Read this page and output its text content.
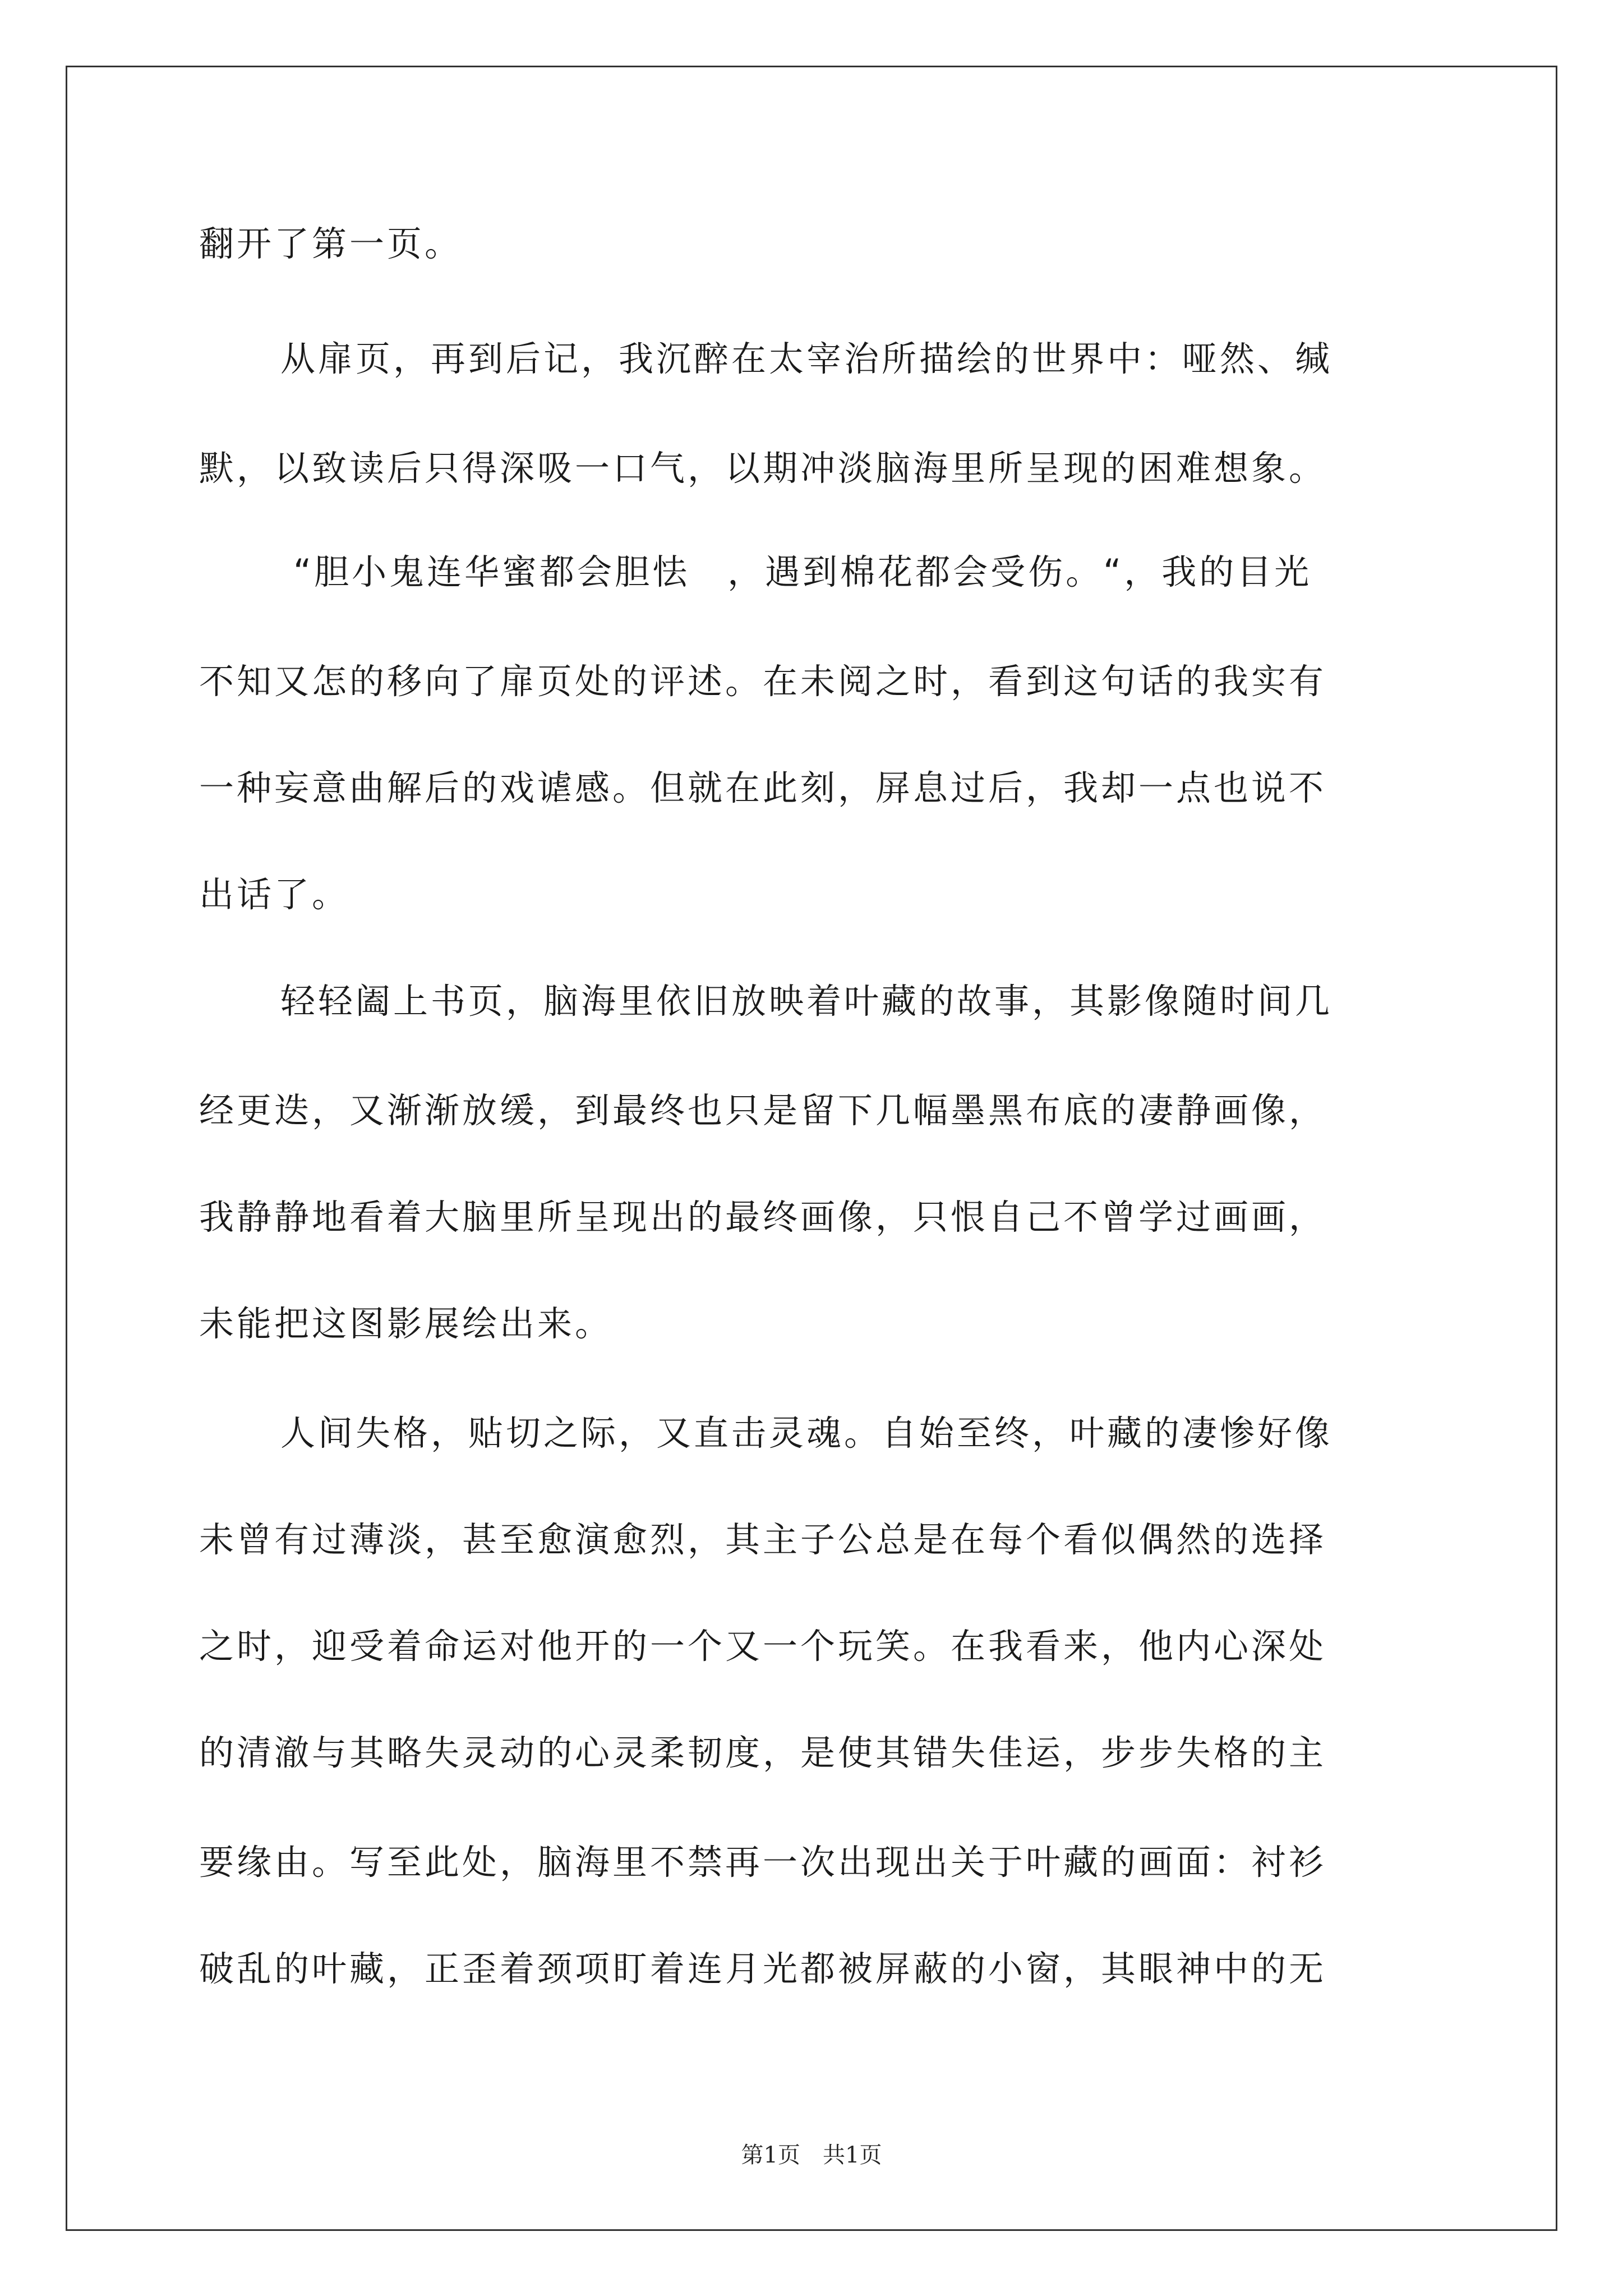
翻开了第一页。
从扉页，再到后记，我沉醉在太宰治所描绘的世界中：哑然、缄
默，以致读后只得深吸一口气，以期冲淡脑海里所呈现的困难想象。
“胆小鬼连华蜜都会胆怯　，遇到棉花都会受伤。“，我的目光
不知又怎的移向了扉页处的评述。在未阅之时，看到这句话的我实有
一种妄意曲解后的戏谑感。但就在此刻，屏息过后，我却一点也说不
出话了。
轻轻阖上书页，脑海里依旧放映着叶藏的故事，其影像随时间几
经更迭，又渐渐放缓，到最终也只是留下几幅墨黑布底的凄静画像，
我静静地看着大脑里所呈现出的最终画像，只恨自己不曾学过画画，
未能把这图影展绘出来。
人间失格，贴切之际，又直击灵魂。自始至终，叶藏的凄惨好像
未曾有过薄淡，甚至愈演愈烈，其主子公总是在每个看似偶然的选择
之时，迎受着命运对他开的一个又一个玩笑。在我看来，他内心深处
的清澈与其略失灵动的心灵柔韧度，是使其错失佳运，步步失格的主
要缘由。写至此处，脑海里不禁再一次出现出关于叶藏的画面：衬衫
破乱的叶藏，正歪着颈项盯着连月光都被屏蔽的小窗，其眼神中的无
第1页　共1页
